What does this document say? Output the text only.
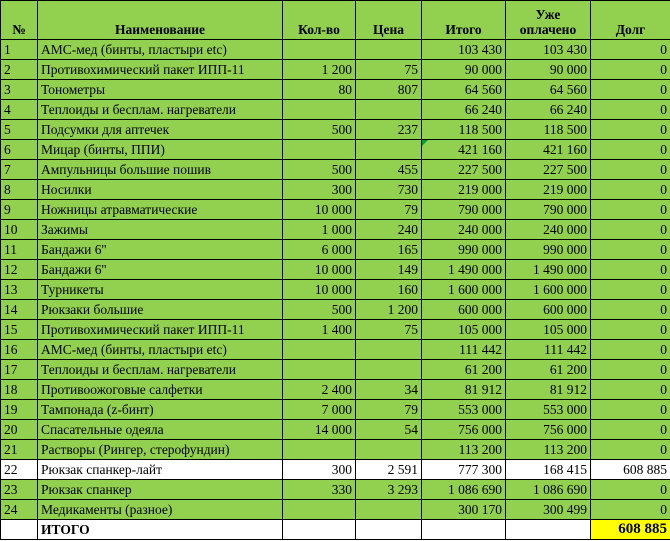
№	Наименование	Кол-во	Цена	Итого	Уже оплачено	Долг
1	АМС-мед (бинты, пластыри etc)			103 430	103 430	0
2	Противохимический пакет ИПП-11	1 200	75	90 000	90 000	0
3	Тонометры	80	807	64 560	64 560	0
4	Теплоиды и бесплам. нагреватели			66 240	66 240	0
5	Подсумки для аптечек	500	237	118 500	118 500	0
6	Мицар (бинты, ППИ)			421 160	421 160	0
7	Ампульницы большие пошив	500	455	227 500	227 500	0
8	Носилки	300	730	219 000	219 000	0
9	Ножницы атравматические	10 000	79	790 000	790 000	0
10	Зажимы	1 000	240	240 000	240 000	0
11	Бандажи 6''	6 000	165	990 000	990 000	0
12	Бандажи 6''	10 000	149	1 490 000	1 490 000	0
13	Турникеты	10 000	160	1 600 000	1 600 000	0
14	Рюкзаки большие	500	1 200	600 000	600 000	0
15	Противохимический пакет ИПП-11	1 400	75	105 000	105 000	0
16	АМС-мед (бинты, пластыри etc)			111 442	111 442	0
17	Теплоиды и бесплам. нагреватели			61 200	61 200	0
18	Противоожоговые салфетки	2 400	34	81 912	81 912	0
19	Тампонада (z-бинт)	7 000	79	553 000	553 000	0
20	Спасательные одеяла	14 000	54	756 000	756 000	0
21	Растворы (Рингер, стерофундин)			113 200	113 200	0
22	Рюкзак спанкер-лайт	300	2 591	777 300	168 415	608 885
23	Рюкзак спанкер	330	3 293	1 086 690	1 086 690	0
24	Медикаменты (разное)			300 170	300 499	0
	ИТОГО					608 885
